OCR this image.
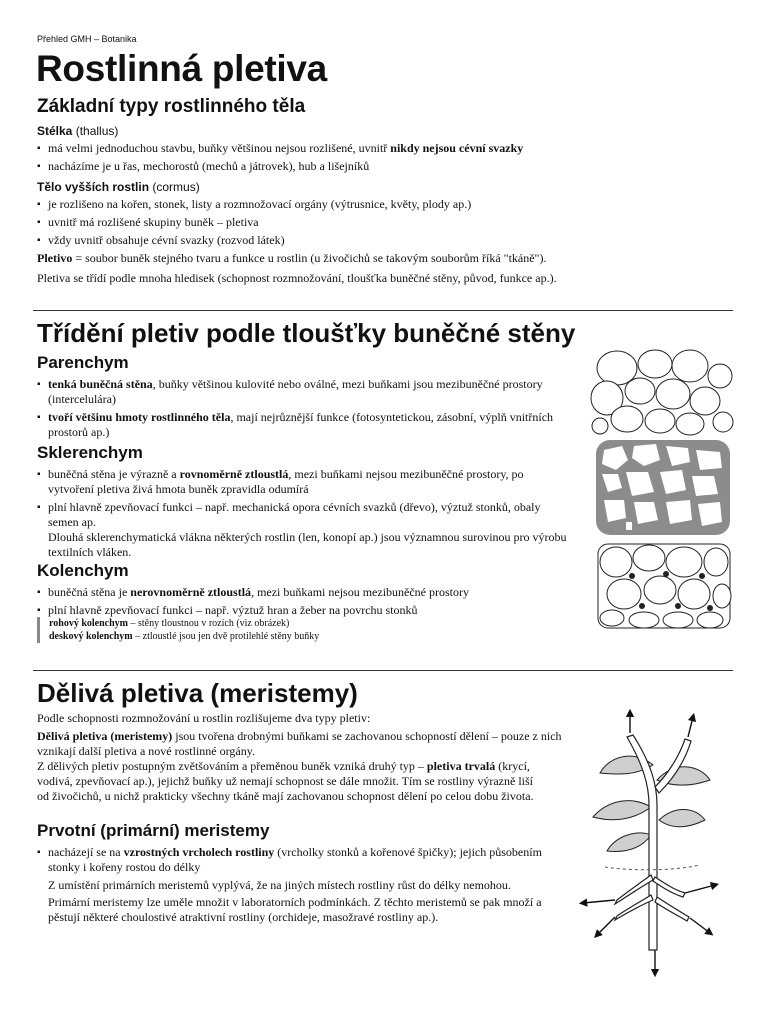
Přehled GMH – Botanika
Rostlinná pletiva
Základní typy rostlinného těla
Stélka (thallus)
▪ má velmi jednoduchou stavbu, buňky většinou nejsou rozlišené, uvnitř nikdy nejsou cévní svazky
▪ nacházíme je u řas, mechorostů (mechů a játrovek), hub a lišejníků
Tělo vyšších rostlin (cormus)
▪ je rozlišeno na kořen, stonek, listy a rozmnožovací orgány (výtrusnice, květy, plody ap.)
▪ uvnitř má rozlišené skupiny buněk – pletiva
▪ vždy uvnitř obsahuje cévní svazky (rozvod látek)
Pletivo = soubor buněk stejného tvaru a funkce u rostlin (u živočichů se takovým souborům říká "tkáně").
Pletiva se třídí podle mnoha hledisek (schopnost rozmnožování, tloušťka buněčné stěny, původ, funkce ap.).
Třídění pletiv podle tloušťky buněčné stěny
Parenchym
▪ tenká buněčná stěna, buňky většinou kulovité nebo oválné, mezi buňkami jsou mezibuněčné prostory (intercelulára)
▪ tvoří většinu hmoty rostlinného těla, mají nejrůznější funkce (fotosyntetickou, zásobní, výplň vnitřních prostorů ap.)
Sklerenchym
▪ buněčná stěna je výrazně a rovnoměrně ztloustlá, mezi buňkami nejsou mezibuněčné prostory, po vytvoření pletiva živá hmota buněk zpravidla odumírá
▪ plní hlavně zpevňovací funkci – např. mechanická opora cévních svazků (dřevo), výztuž stonků, obaly semen ap.
Dlouhá sklerenchymatická vlákna některých rostlin (len, konopí ap.) jsou významnou surovinou pro výrobu textilních vláken.
Kolenchym
▪ buněčná stěna je nerovnoměrně ztloustlá, mezi buňkami nejsou mezibuněčné prostory
▪ plní hlavně zpevňovací funkci – např. výztuž hran a žeber na povrchu stonků
rohový kolenchym – stěny tloustnou v rozích (viz obrázek)
deskový kolenchym – ztloustlé jsou jen dvě protilehlé stěny buňky
Dělivá pletiva (meristemy)
Podle schopnosti rozmnožování u rostlin rozlišujeme dva typy pletiv:
Dělivá pletiva (meristemy) jsou tvořena drobnými buňkami se zachovanou schopností dělení – pouze z nich vznikají další pletiva a nové rostlinné orgány.
Z dělivých pletiv postupným zvětšováním a přeměnou buněk vzniká druhý typ – pletiva trvalá (krycí, vodivá, zpevňovací ap.), jejichž buňky už nemají schopnost se dále množit. Tím se rostliny výrazně liší od živočichů, u nichž prakticky všechny tkáně mají zachovanou schopnost dělení po celou dobu života.
Prvotní (primární) meristemy
▪ nacházejí se na vzrostných vrcholech rostliny (vrcholky stonků a kořenové špičky); jejich působením stonky i kořeny rostou do délky
Z umístění primárních meristemů vyplývá, že na jiných místech rostliny růst do délky nemohou.
Primární meristemy lze uměle množit v laboratorních podmínkách. Z těchto meristemů se pak množí a pěstují některé choulostivé atraktivní rostliny (orchideje, masožravé rostliny ap.).
